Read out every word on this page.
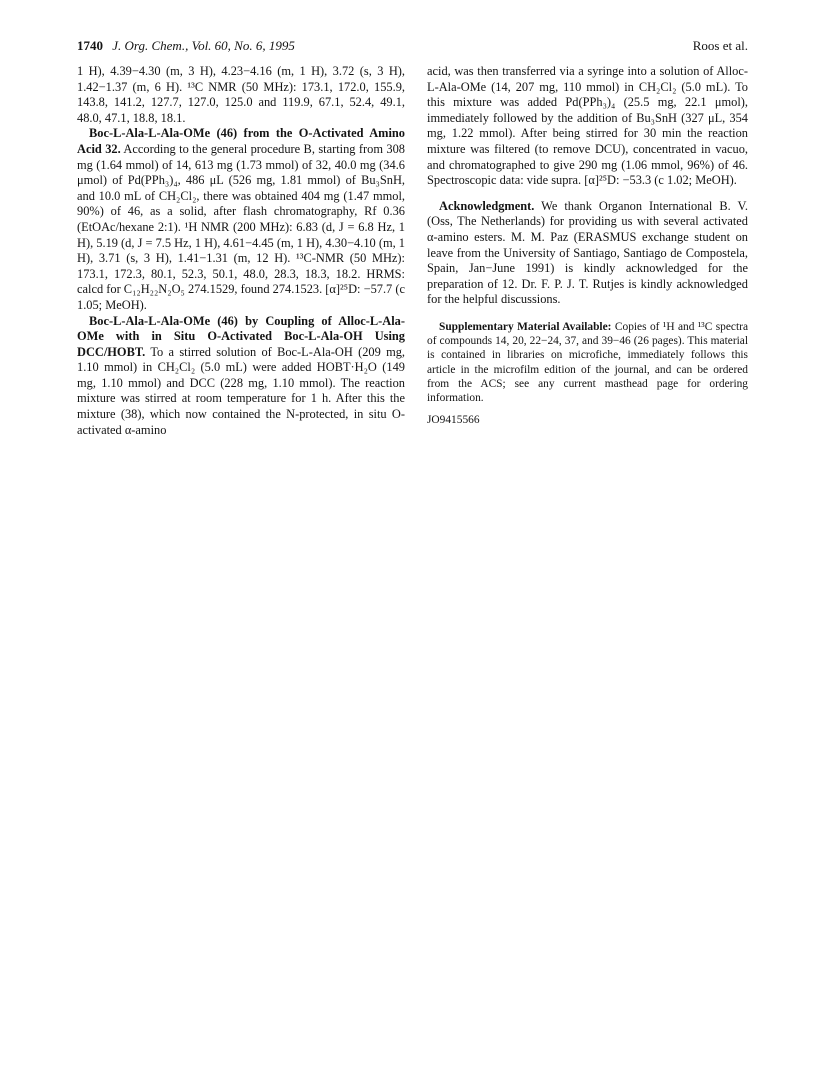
1740 J. Org. Chem., Vol. 60, No. 6, 1995	Roos et al.

1 H), 4.39−4.30 (m, 3 H), 4.23−4.16 (m, 1 H), 3.72 (s, 3 H), 1.42−1.37 (m, 6 H). ¹³C NMR (50 MHz): 173.1, 172.0, 155.9, 143.8, 141.2, 127.7, 127.0, 125.0 and 119.9, 67.1, 52.4, 49.1, 48.0, 47.1, 18.8, 18.1.

Boc-L-Ala-L-Ala-OMe (46) from the O-Activated Amino Acid 32. According to the general procedure B, starting from 308 mg (1.64 mmol) of 14, 613 mg (1.73 mmol) of 32, 40.0 mg (34.6 μmol) of Pd(PPh₃)₄, 486 μL (526 mg, 1.81 mmol) of Bu₃SnH, and 10.0 mL of CH₂Cl₂, there was obtained 404 mg (1.47 mmol, 90%) of 46, as a solid, after flash chromatography, Rf 0.36 (EtOAc/hexane 2:1). ¹H NMR (200 MHz): 6.83 (d, J = 6.8 Hz, 1 H), 5.19 (d, J = 7.5 Hz, 1 H), 4.61−4.45 (m, 1 H), 4.30−4.10 (m, 1 H), 3.71 (s, 3 H), 1.41−1.31 (m, 12 H). ¹³C-NMR (50 MHz): 173.1, 172.3, 80.1, 52.3, 50.1, 48.0, 28.3, 18.3, 18.2. HRMS: calcd for C₁₂H₂₂N₂O₅ 274.1529, found 274.1523. [α]²⁵D: −57.7 (c 1.05; MeOH).

Boc-L-Ala-L-Ala-OMe (46) by Coupling of Alloc-L-Ala-OMe with in Situ O-Activated Boc-L-Ala-OH Using DCC/HOBT. To a stirred solution of Boc-L-Ala-OH (209 mg, 1.10 mmol) in CH₂Cl₂ (5.0 mL) were added HOBT·H₂O (149 mg, 1.10 mmol) and DCC (228 mg, 1.10 mmol). The reaction mixture was stirred at room temperature for 1 h. After this the mixture (38), which now contained the N-protected, in situ O-activated α-amino

acid, was then transferred via a syringe into a solution of Alloc-L-Ala-OMe (14, 207 mg, 110 mmol) in CH₂Cl₂ (5.0 mL). To this mixture was added Pd(PPh₃)₄ (25.5 mg, 22.1 μmol), immediately followed by the addition of Bu₃SnH (327 μL, 354 mg, 1.22 mmol). After being stirred for 30 min the reaction mixture was filtered (to remove DCU), concentrated in vacuo, and chromatographed to give 290 mg (1.06 mmol, 96%) of 46. Spectroscopic data: vide supra. [α]²⁵D: −53.3 (c 1.02; MeOH).

Acknowledgment. We thank Organon International B. V. (Oss, The Netherlands) for providing us with several activated α-amino esters. M. M. Paz (ERASMUS exchange student on leave from the University of Santiago, Santiago de Compostela, Spain, Jan−June 1991) is kindly acknowledged for the preparation of 12. Dr. F. P. J. T. Rutjes is kindly acknowledged for the helpful discussions.

Supplementary Material Available: Copies of ¹H and ¹³C spectra of compounds 14, 20, 22−24, 37, and 39−46 (26 pages). This material is contained in libraries on microfiche, immediately follows this article in the microfilm edition of the journal, and can be ordered from the ACS; see any current masthead page for ordering information.

JO9415566
